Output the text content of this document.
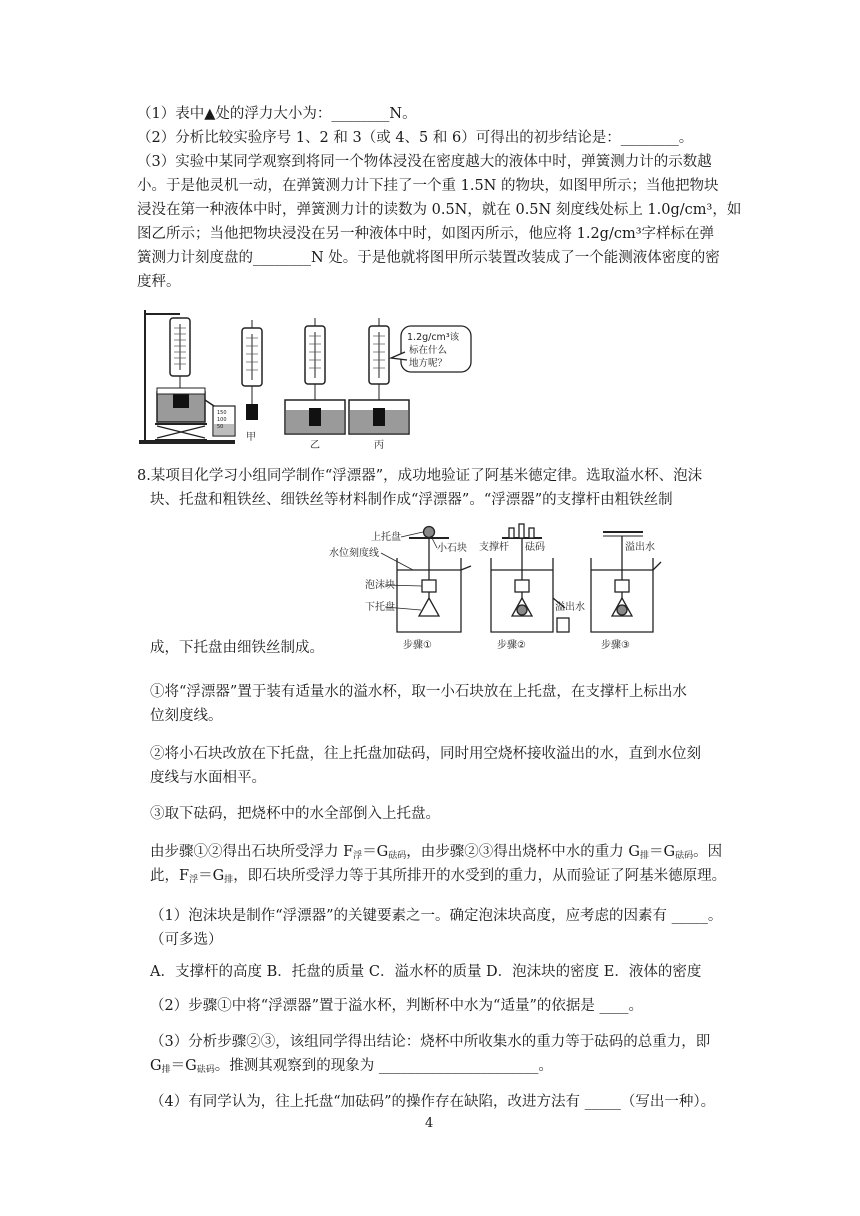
（1）表中▲处的浮力大小为：________N。
（2）分析比较实验序号 1、2 和 3（或 4、5 和 6）可得出的初步结论是：________。
（3）实验中某同学观察到将同一个物体浸没在密度越大的液体中时，弹簧测力计的示数越
小。于是他灵机一动，在弹簧测力计下挂了一个重 1.5N 的物块，如图甲所示；当他把物块
浸没在第一种液体中时，弹簧测力计的读数为 0.5N，就在 0.5N 刻度线处标上 1.0g/cm³，如
图乙所示；当他把物块浸没在另一种液体中时，如图丙所示，他应将 1.2g/cm³字样标在弹
簧测力计刻度盘的________N 处。于是他就将图甲所示装置改装成了一个能测液体密度的密
度秤。
150
100
50
甲
乙	丙
1.2g/cm³该
标在什么
地方呢？
8.某项目化学习小组同学制作“浮漂器”，成功地验证了阿基米德定律。选取溢水杯、泡沫
块、托盘和粗铁丝、细铁丝等材料制作成“浮漂器”。“浮漂器”的支撑杆由粗铁丝制
上托盘
小石块
水位刻度线
泡沫块
下托盘
步骤①
支撑杆 砝码
溢出水
步骤②
溢出水
步骤③
成，下托盘由细铁丝制成。
①将“浮漂器”置于装有适量水的溢水杯，取一小石块放在上托盘，在支撑杆上标出水
位刻度线。
②将小石块改放在下托盘，往上托盘加砝码，同时用空烧杯接收溢出的水，直到水位刻
度线与水面相平。
③取下砝码，把烧杯中的水全部倒入上托盘。
由步骤①②得出石块所受浮力 $F_浮=G_{砝码}$，由步骤②③得出烧杯中水的重力 $G_排=G_{砝码}$。因
此，$F_浮=G_排$，即石块所受浮力等于其所排开的水受到的重力，从而验证了阿基米德原理。
（1）泡沫块是制作“浮漂器”的关键要素之一。确定泡沫块高度，应考虑的因素有 _____。
（可多选）
A．支撑杆的高度 B．托盘的质量 C．溢水杯的质量 D．泡沫块的密度 E．液体的密度
（2）步骤①中将“浮漂器”置于溢水杯，判断杯中水为“适量”的依据是 ____。
（3）分析步骤②③，该组同学得出结论：烧杯中所收集水的重力等于砝码的总重力，即
$G_排=G_{砝码}$。推测其观察到的现象为 ______________________。
（4）有同学认为，往上托盘“加砝码”的操作存在缺陷，改进方法有 _____（写出一种）。
4
